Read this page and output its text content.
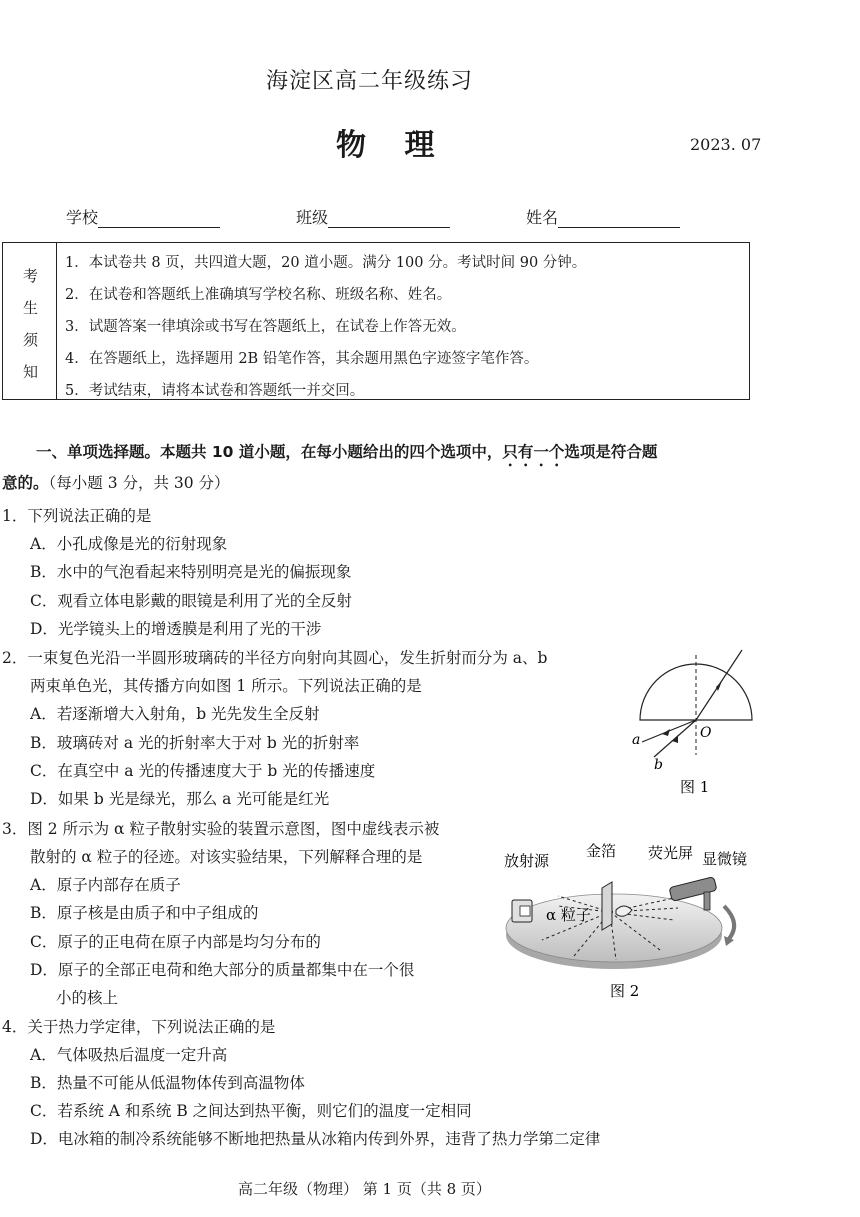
海淀区高二年级练习
物 理	2023. 07
学校	班级	姓名
考
生
须
知
1．本试卷共 8 页，共四道大题，20 道小题。满分 100 分。考试时间 90 分钟。
2．在试卷和答题纸上准确填写学校名称、班级名称、姓名。
3．试题答案一律填涂或书写在答题纸上，在试卷上作答无效。
4．在答题纸上，选择题用 2B 铅笔作答，其余题用黑色字迹签字笔作答。
5．考试结束，请将本试卷和答题纸一并交回。
一、单项选择题。本题共 10 道小题，在每小题给出的四个选项中，只有一个选项是符合题
意的。（每小题 3 分，共 30 分）
1．下列说法正确的是
A．小孔成像是光的衍射现象
B．水中的气泡看起来特别明亮是光的偏振现象
C．观看立体电影戴的眼镜是利用了光的全反射
D．光学镜头上的增透膜是利用了光的干涉
2．一束复色光沿一半圆形玻璃砖的半径方向射向其圆心，发生折射而分为 a、b
两束单色光，其传播方向如图 1 所示。下列说法正确的是
A．若逐渐增大入射角，b 光先发生全反射
B．玻璃砖对 a 光的折射率大于对 b 光的折射率
C．在真空中 a 光的传播速度大于 b 光的传播速度
D．如果 b 光是绿光，那么 a 光可能是红光
O
a
b
图 1
3．图 2 所示为 α 粒子散射实验的装置示意图，图中虚线表示被
散射的 α 粒子的径迹。对该实验结果，下列解释合理的是
A．原子内部存在质子
B．原子核是由质子和中子组成的
C．原子的正电荷在原子内部是均匀分布的
D．原子的全部正电荷和绝大部分的质量都集中在一个很
小的核上
放射源
金箔 荧光屏 显微镜
α 粒子
图 2
4．关于热力学定律，下列说法正确的是
A．气体吸热后温度一定升高
B．热量不可能从低温物体传到高温物体
C．若系统 A 和系统 B 之间达到热平衡，则它们的温度一定相同
D．电冰箱的制冷系统能够不断地把热量从冰箱内传到外界，违背了热力学第二定律
高二年级（物理） 第 1 页（共 8 页）
